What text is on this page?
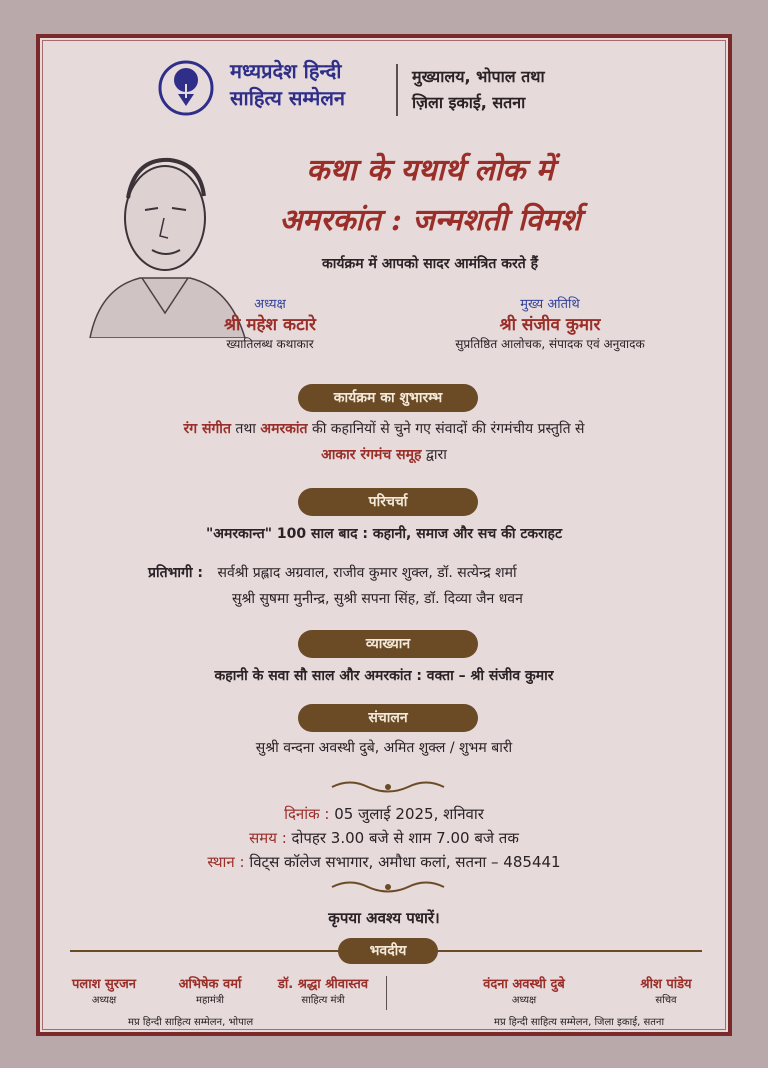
मध्यप्रदेश हिन्दी
साहित्य सम्मेलन
मुख्यालय, भोपाल तथा
ज़िला इकाई, सतना
कथा के यथार्थ लोक में
अमरकांत : जन्मशती विमर्श
कार्यक्रम में आपको सादर आमंत्रित करते हैं
अध्यक्ष
श्री महेश कटारे
ख्यातिलब्ध कथाकार
मुख्य अतिथि
श्री संजीव कुमार
सुप्रतिष्ठित आलोचक, संपादक एवं अनुवादक
कार्यक्रम का शुभारम्भ
रंग संगीत तथा अमरकांत की कहानियों से चुने गए संवादों की रंगमंचीय प्रस्तुति से
आकार रंगमंच समूह द्वारा
परिचर्चा
"अमरकान्त" 100 साल बाद : कहानी, समाज और सच की टकराहट
प्रतिभागी : सर्वश्री प्रह्लाद अग्रवाल, राजीव कुमार शुक्ल, डॉ. सत्येन्द्र शर्मा
सुश्री सुषमा मुनीन्द्र, सुश्री सपना सिंह, डॉ. दिव्या जैन धवन
व्याख्यान
कहानी के सवा सौ साल और अमरकांत : वक्ता – श्री संजीव कुमार
संचालन
सुश्री वन्दना अवस्थी दुबे, अमित शुक्ल / शुभम बारी
दिनांक : 05 जुलाई 2025, शनिवार
समय : दोपहर 3.00 बजे से शाम 7.00 बजे तक
स्थान : विट्स कॉलेज सभागार, अमौधा कलां, सतना – 485441
कृपया अवश्य पधारें।
भवदीय
पलाश सुरजन
अध्यक्ष
अभिषेक वर्मा
महामंत्री
डॉ. श्रद्धा श्रीवास्तव
साहित्य मंत्री
मप्र हिन्दी साहित्य सम्मेलन, भोपाल
वंदना अवस्थी दुबे
अध्यक्ष
श्रीश पांडेय
सचिव
मप्र हिन्दी साहित्य सम्मेलन, जिला इकाई, सतना
